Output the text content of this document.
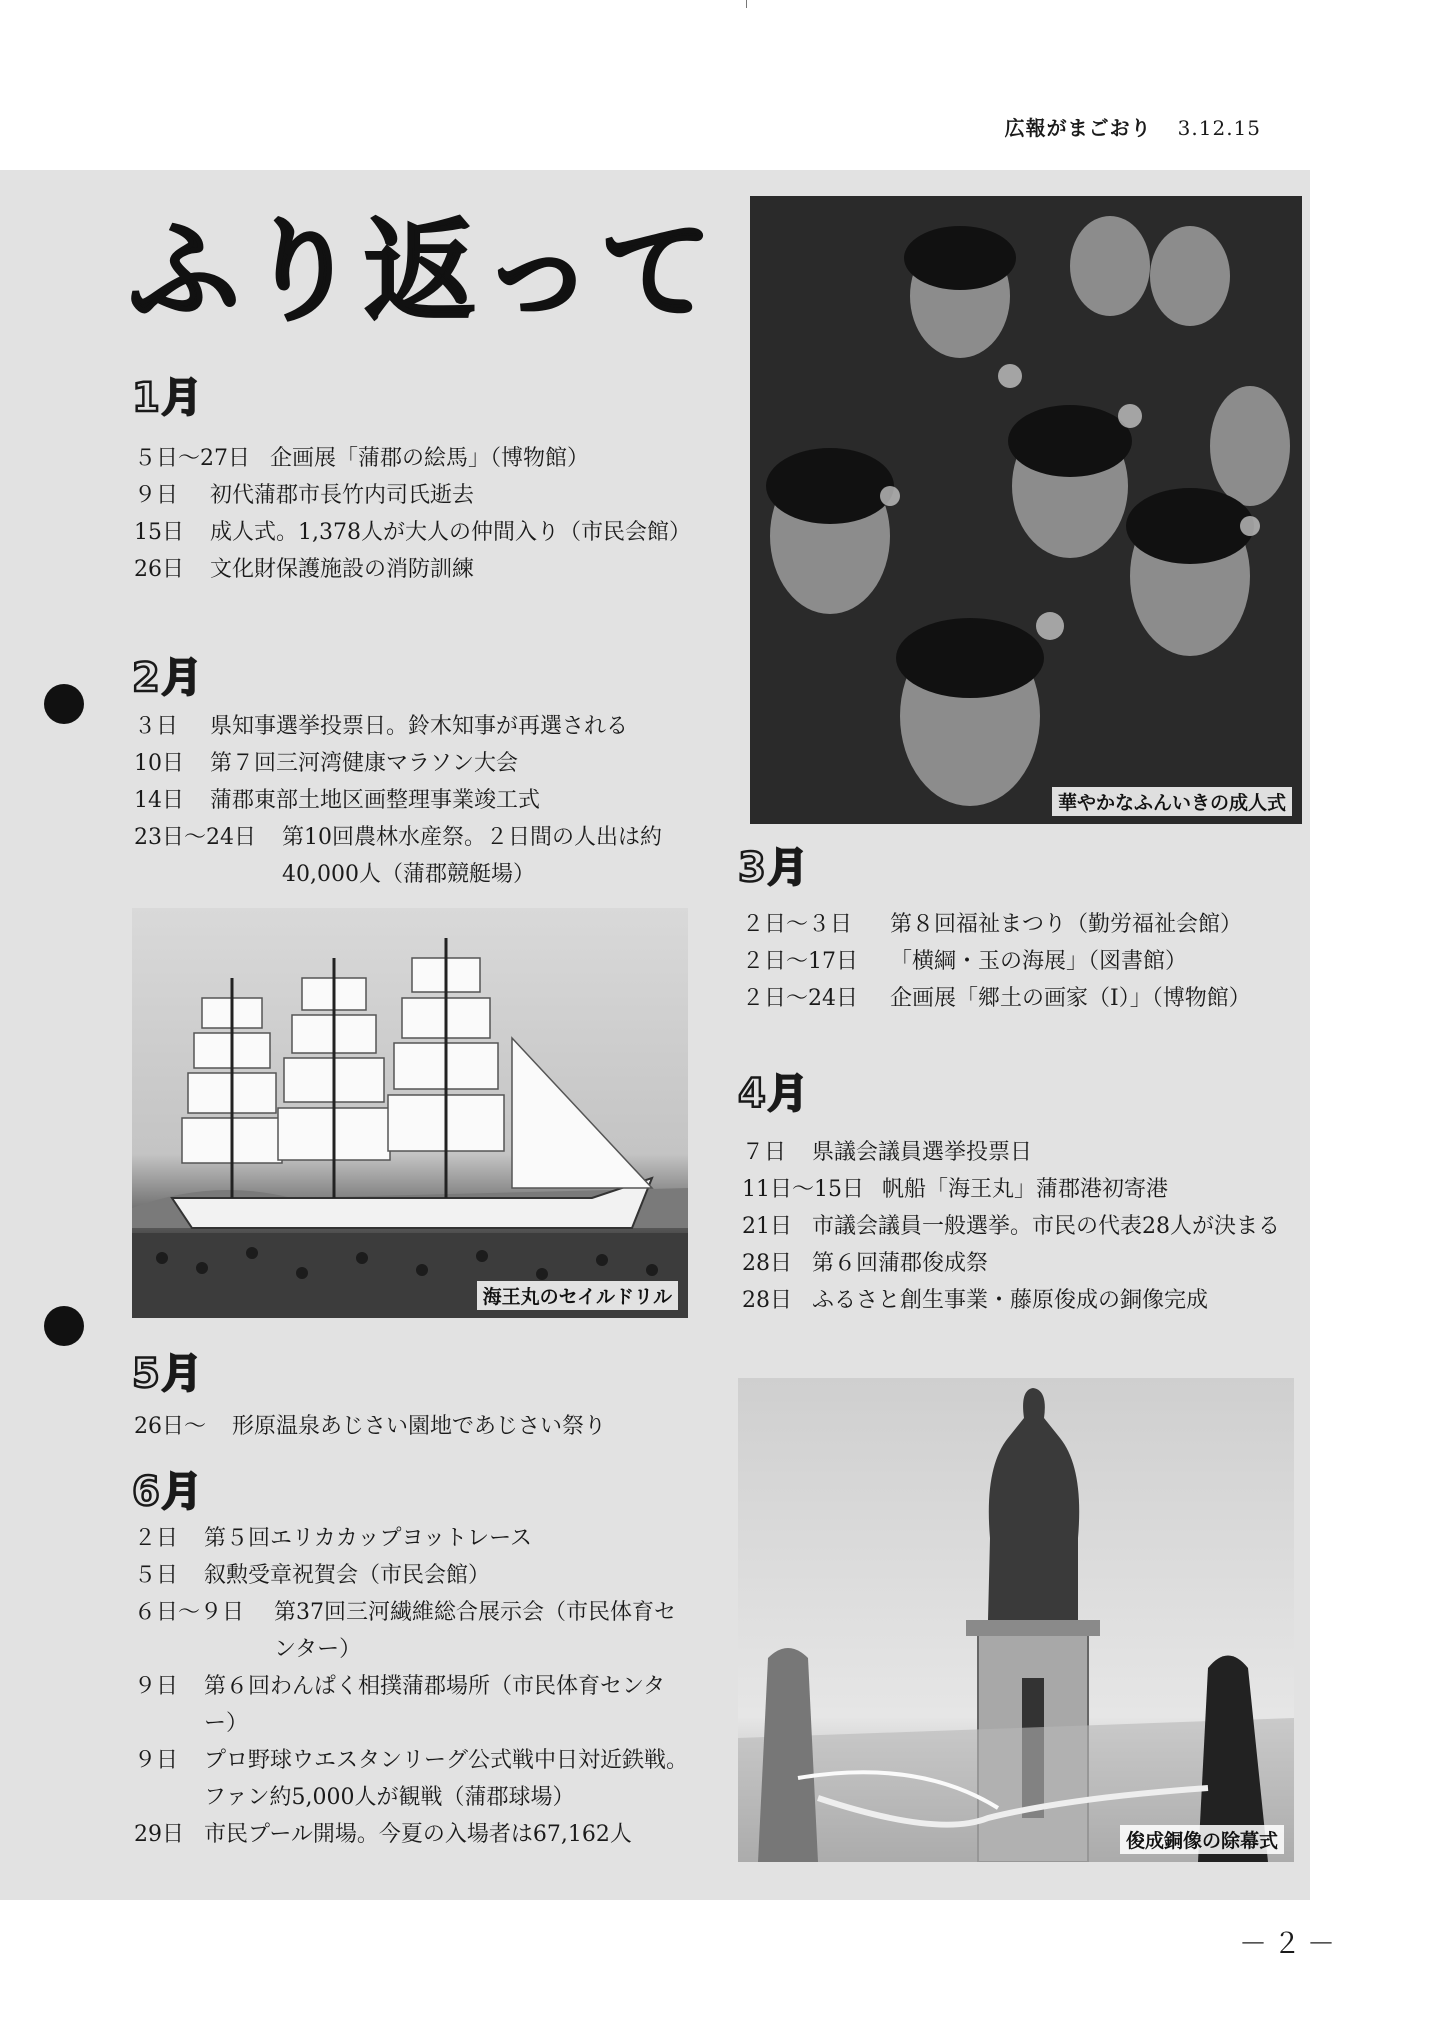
広報がまごおり 3.12.15
ふり返って
1月
５日～27日 企画展「蒲郡の絵馬」（博物館）
９日	初代蒲郡市長竹内司氏逝去
15日	成人式。1,378人が大人の仲間入り（市民会館）
26日	文化財保護施設の消防訓練
2月
３日	県知事選挙投票日。鈴木知事が再選される
10日	第７回三河湾健康マラソン大会
14日	蒲郡東部土地区画整理事業竣工式
23日～24日	第10回農林水産祭。２日間の人出は約40,000人（蒲郡競艇場）
海王丸のセイルドリル
5月
26日～	形原温泉あじさい園地であじさい祭り
6月
２日	第５回エリカカップヨットレース
５日	叙勲受章祝賀会（市民会館）
６日～９日	第37回三河繊維総合展示会（市民体育センター）
９日	第６回わんぱく相撲蒲郡場所（市民体育センター）
９日	プロ野球ウエスタンリーグ公式戦中日対近鉄戦。ファン約5,000人が観戦（蒲郡球場）
29日 市民プール開場。今夏の入場者は67,162人
華やかなふんいきの成人式
3月
２日～３日	第８回福祉まつり（勤労福祉会館）
２日～17日	「横綱・玉の海展」（図書館）
２日～24日	企画展「郷土の画家（Ⅰ）」（博物館）
4月
７日	県議会議員選挙投票日
11日～15日 帆船「海王丸」蒲郡港初寄港
21日 市議会議員一般選挙。市民の代表28人が決まる
28日 第６回蒲郡俊成祭
28日 ふるさと創生事業・藤原俊成の銅像完成
俊成銅像の除幕式
－２－
